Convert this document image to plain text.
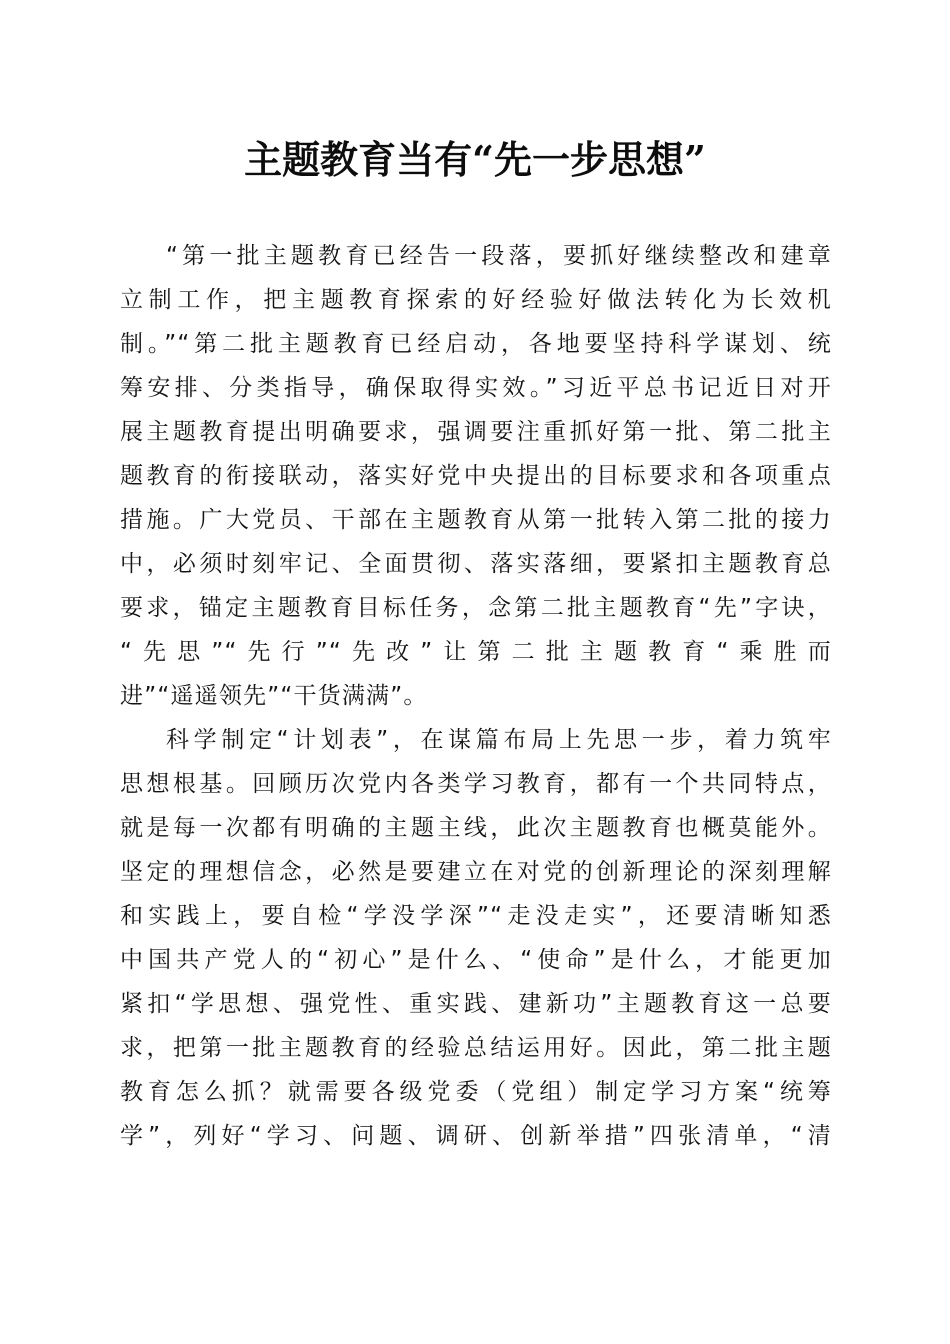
主题教育当有“先一步思想”
“第一批主题教育已经告一段落，要抓好继续整改和建章
立制工作，把主题教育探索的好经验好做法转化为长效机
制。”“第二批主题教育已经启动，各地要坚持科学谋划、统
筹安排、分类指导，确保取得实效。”习近平总书记近日对开
展主题教育提出明确要求，强调要注重抓好第一批、第二批主
题教育的衔接联动，落实好党中央提出的目标要求和各项重点
措施。广大党员、干部在主题教育从第一批转入第二批的接力
中，必须时刻牢记、全面贯彻、落实落细，要紧扣主题教育总
要求，锚定主题教育目标任务，念第二批主题教育“先”字诀，
“先思”“先行”“先改”让第二批主题教育“乘胜而
进”“遥遥领先”“干货满满”。
科学制定“计划表”，在谋篇布局上先思一步，着力筑牢
思想根基。回顾历次党内各类学习教育，都有一个共同特点，
就是每一次都有明确的主题主线，此次主题教育也概莫能外。
坚定的理想信念，必然是要建立在对党的创新理论的深刻理解
和实践上，要自检“学没学深”“走没走实”，还要清晰知悉
中国共产党人的“初心”是什么、“使命”是什么，才能更加
紧扣“学思想、强党性、重实践、建新功”主题教育这一总要
求，把第一批主题教育的经验总结运用好。因此，第二批主题
教育怎么抓？就需要各级党委（党组）制定学习方案“统筹
学”，列好“学习、问题、调研、创新举措”四张清单，“清
